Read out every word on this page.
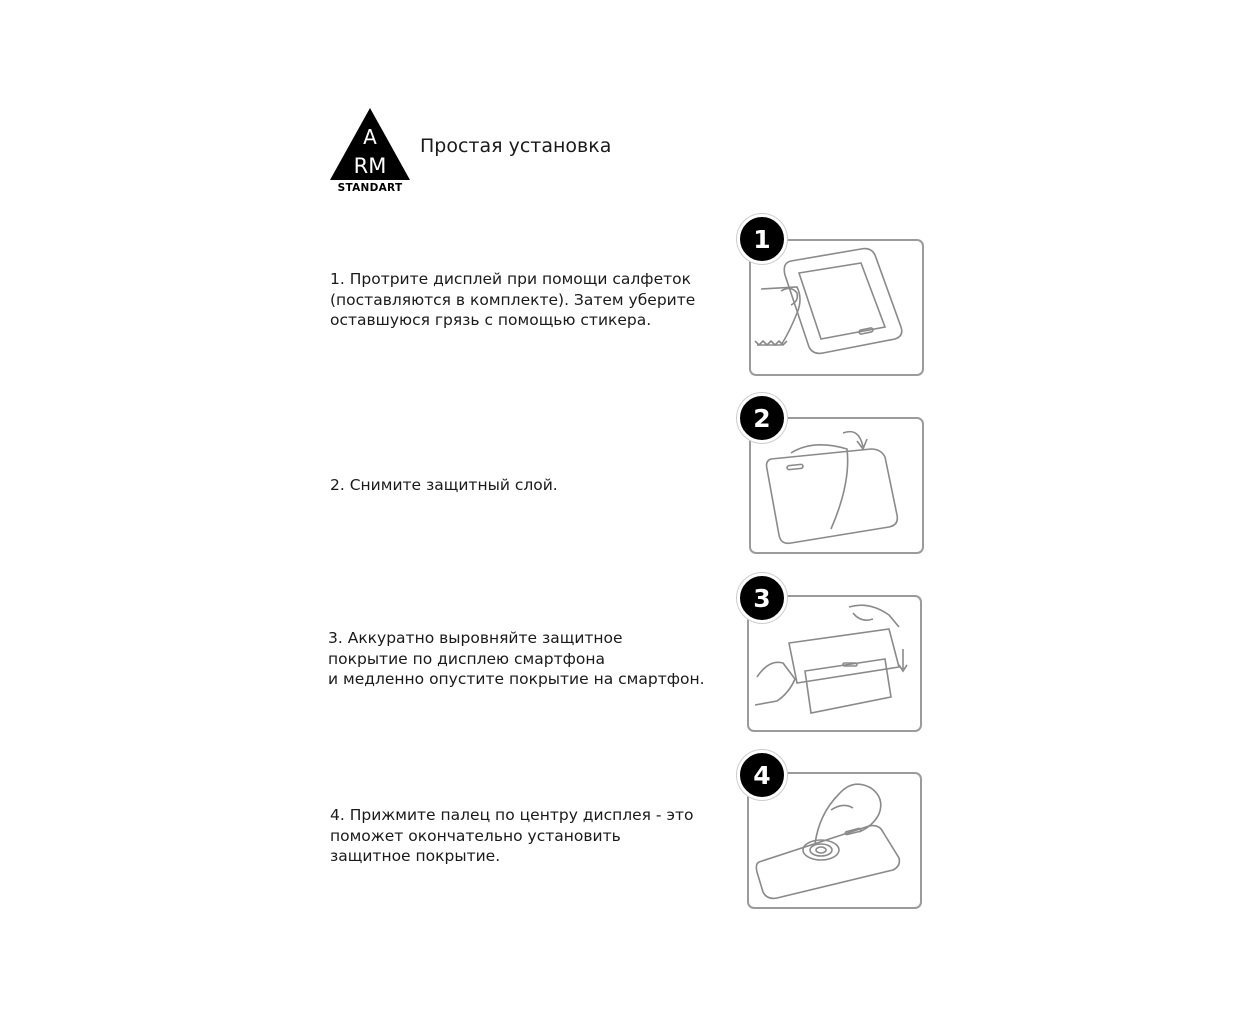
A
RM
STANDART
Простая установка
1. Протрите дисплей при помощи салфеток
(поставляются в комплекте). Затем уберите
оставшуюся грязь с помощью стикера.
1
2. Снимите защитный слой.
2
3. Аккуратно выровняйте защитное
покрытие по дисплею смартфона
и медленно опустите покрытие на смартфон.
3
4. Прижмите палец по центру дисплея - это
поможет окончательно установить
защитное покрытие.
4
